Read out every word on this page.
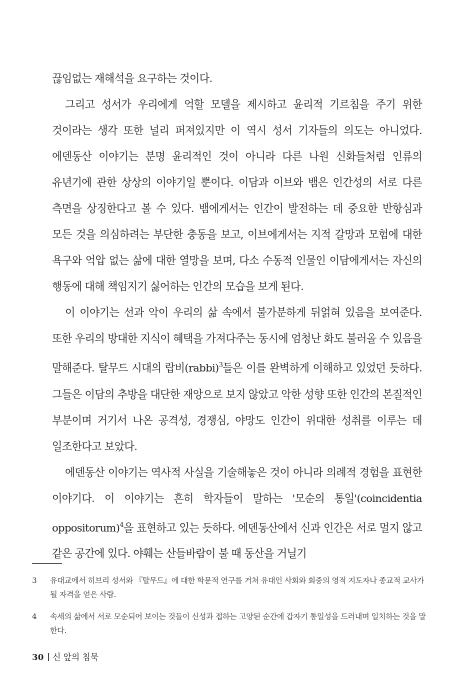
끊임없는 재해석을 요구하는 것이다.

그리고 성서가 우리에게 억할 모델을 제시하고 윤리적 기르침을 주기 위한 것이라는 생각 또한 널리 퍼져있지만 이 역시 성서 기자들의 의도는 아니었다. 에덴동산 이야기는 분명 윤리적인 것이 아니라 다른 나원 신화들처럼 인류의 유년기에 관한 상상의 이야기일 뿐이다. 이담과 이브와 뱀은 인간성의 서로 다른 측면을 상징한다고 볼 수 있다. 뱀에게서는 인간이 발전하는 데 중요한 반항심과 모든 것을 의심하려는 부단한 충동을 보고, 이브에게서는 지적 갈망과 모험에 대한 욕구와 억압 없는 삶에 대한 열망을 보며, 다소 수동적 인물인 이담에게서는 자신의 행동에 대해 책임지기 싫어하는 인간의 모습을 보게 된다.

이 이야기는 선과 악이 우리의 삶 속에서 불가분하게 뒤얽혀 있음을 보여준다. 또한 우리의 방대한 지식이 혜택을 가져다주는 동시에 엄청난 화도 불러올 수 있음을 말해준다. 탈무드 시대의 랍비(rabbi)$^3$들은 이를 완벽하게 이해하고 있었던 듯하다. 그들은 이담의 추방을 대단한 재앙으로 보지 않았고 악한 성향 또한 인간의 본질적인 부분이며 거기서 나온 공격성, 경쟁심, 야망도 인간이 위대한 성취를 이루는 데 일조한다고 보았다.

에덴동산 이야기는 역사적 사실을 기술해놓은 것이 아니라 의례적 경험을 표현한 이야기다. 이 이야기는 흔히 학자들이 말하는 '모순의 통일'(coincidentia oppositorum)$^4$을 표현하고 있는 듯하다. 에덴동산에서 신과 인간은 서로 멀지 않고 같은 공간에 있다. 야훼는 산들바람이 불 때 동산을 거닐기

3	유대교에서 히브리 성서와 『탈무드』에 대한 학문적 연구를 거쳐 유대인 사회와 회중의 영적 지도자나 종교적 교사가 될 자격을 얻은 사람.
4	속세의 삶에서 서로 모순되어 보이는 것들이 신성과 접하는 고양된 순간에 갑자기 통일성을 드러내며 일치하는 것을 말한다.
30 신 앞의 침묵
